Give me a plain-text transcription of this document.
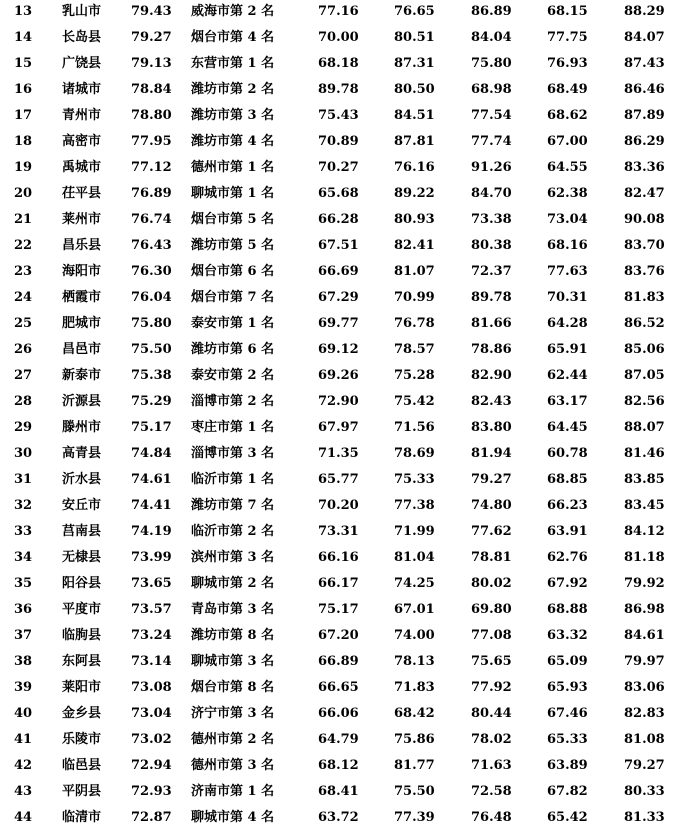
13 乳山市 79.43 威海市第 2 名	77.16	76.65	86.89	68.15	88.29
14 长岛县 79.27 烟台市第 4 名	70.00	80.51	84.04	77.75	84.07
15 广饶县 79.13 东营市第 1 名	68.18	87.31	75.80	76.93	87.43
16 诸城市 78.84 潍坊市第 2 名	89.78	80.50	68.98	68.49	86.46
17 青州市 78.80 潍坊市第 3 名	75.43	84.51	77.54	68.62	87.89
18 高密市 77.95 潍坊市第 4 名	70.89	87.81	77.74	67.00	86.29
19 禹城市 77.12 德州市第 1 名	70.27	76.16	91.26	64.55	83.36
20 茌平县 76.89 聊城市第 1 名	65.68	89.22	84.70	62.38	82.47
21 莱州市 76.74 烟台市第 5 名	66.28	80.93	73.38	73.04	90.08
22 昌乐县 76.43 潍坊市第 5 名	67.51	82.41	80.38	68.16	83.70
23 海阳市 76.30 烟台市第 6 名	66.69	81.07	72.37	77.63	83.76
24 栖霞市 76.04 烟台市第 7 名	67.29	70.99	89.78	70.31	81.83
25 肥城市 75.80 泰安市第 1 名	69.77	76.78	81.66	64.28	86.52
26 昌邑市 75.50 潍坊市第 6 名	69.12	78.57	78.86	65.91	85.06
27 新泰市 75.38 泰安市第 2 名	69.26	75.28	82.90	62.44	87.05
28 沂源县 75.29 淄博市第 2 名	72.90	75.42	82.43	63.17	82.56
29 滕州市 75.17 枣庄市第 1 名	67.97	71.56	83.80	64.45	88.07
30 高青县 74.84 淄博市第 3 名	71.35	78.69	81.94	60.78	81.46
31 沂水县 74.61 临沂市第 1 名	65.77	75.33	79.27	68.85	83.85
32 安丘市 74.41 潍坊市第 7 名	70.20	77.38	74.80	66.23	83.45
33 莒南县 74.19 临沂市第 2 名	73.31	71.99	77.62	63.91	84.12
34 无棣县 73.99 滨州市第 3 名	66.16	81.04	78.81	62.76	81.18
35 阳谷县 73.65 聊城市第 2 名	66.17	74.25	80.02	67.92	79.92
36 平度市 73.57 青岛市第 3 名	75.17	67.01	69.80	68.88	86.98
37 临朐县 73.24 潍坊市第 8 名	67.20	74.00	77.08	63.32	84.61
38 东阿县 73.14 聊城市第 3 名	66.89	78.13	75.65	65.09	79.97
39 莱阳市 73.08 烟台市第 8 名	66.65	71.83	77.92	65.93	83.06
40 金乡县 73.04 济宁市第 3 名	66.06	68.42	80.44	67.46	82.83
41 乐陵市 73.02 德州市第 2 名	64.79	75.86	78.02	65.33	81.08
42 临邑县 72.94 德州市第 3 名	68.12	81.77	71.63	63.89	79.27
43 平阴县 72.93 济南市第 1 名	68.41	75.50	72.58	67.82	80.33
44 临清市 72.87 聊城市第 4 名	63.72	77.39	76.48	65.42	81.33
